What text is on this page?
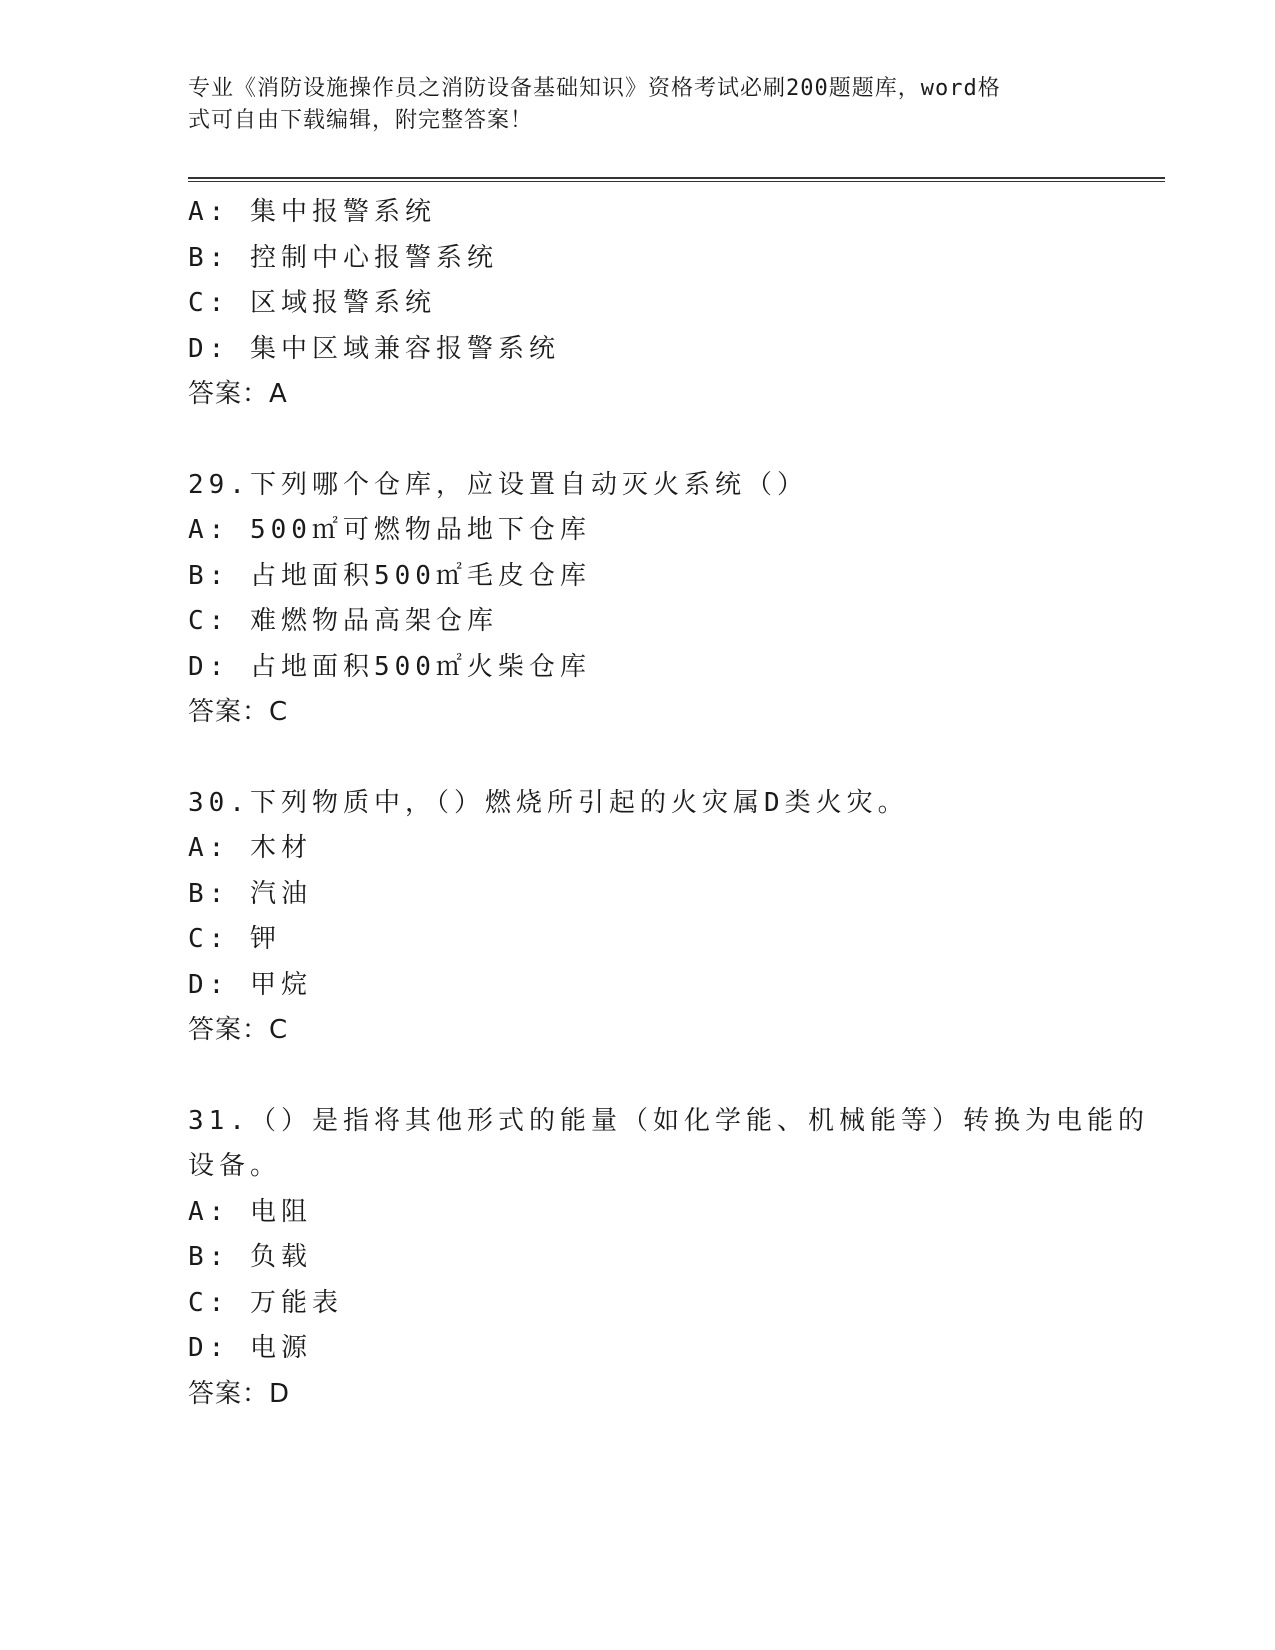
专业《消防设施操作员之消防设备基础知识》资格考试必刷200题题库，word格

式可自由下载编辑，附完整答案！

A: 集中报警系统
B: 控制中心报警系统
C: 区域报警系统
D: 集中区域兼容报警系统
答案：A
29.下列哪个仓库，应设置自动灭火系统（）
A: 500㎡可燃物品地下仓库
B: 占地面积500㎡毛皮仓库
C: 难燃物品高架仓库
D: 占地面积500㎡火柴仓库
答案：C
30.下列物质中，（）燃烧所引起的火灾属D类火灾。
A: 木材
B: 汽油
C: 钾
D: 甲烷
答案：C
31.（）是指将其他形式的能量（如化学能、机械能等）转换为电能的
设备。
A: 电阻
B: 负载
C: 万能表
D: 电源
答案：D
